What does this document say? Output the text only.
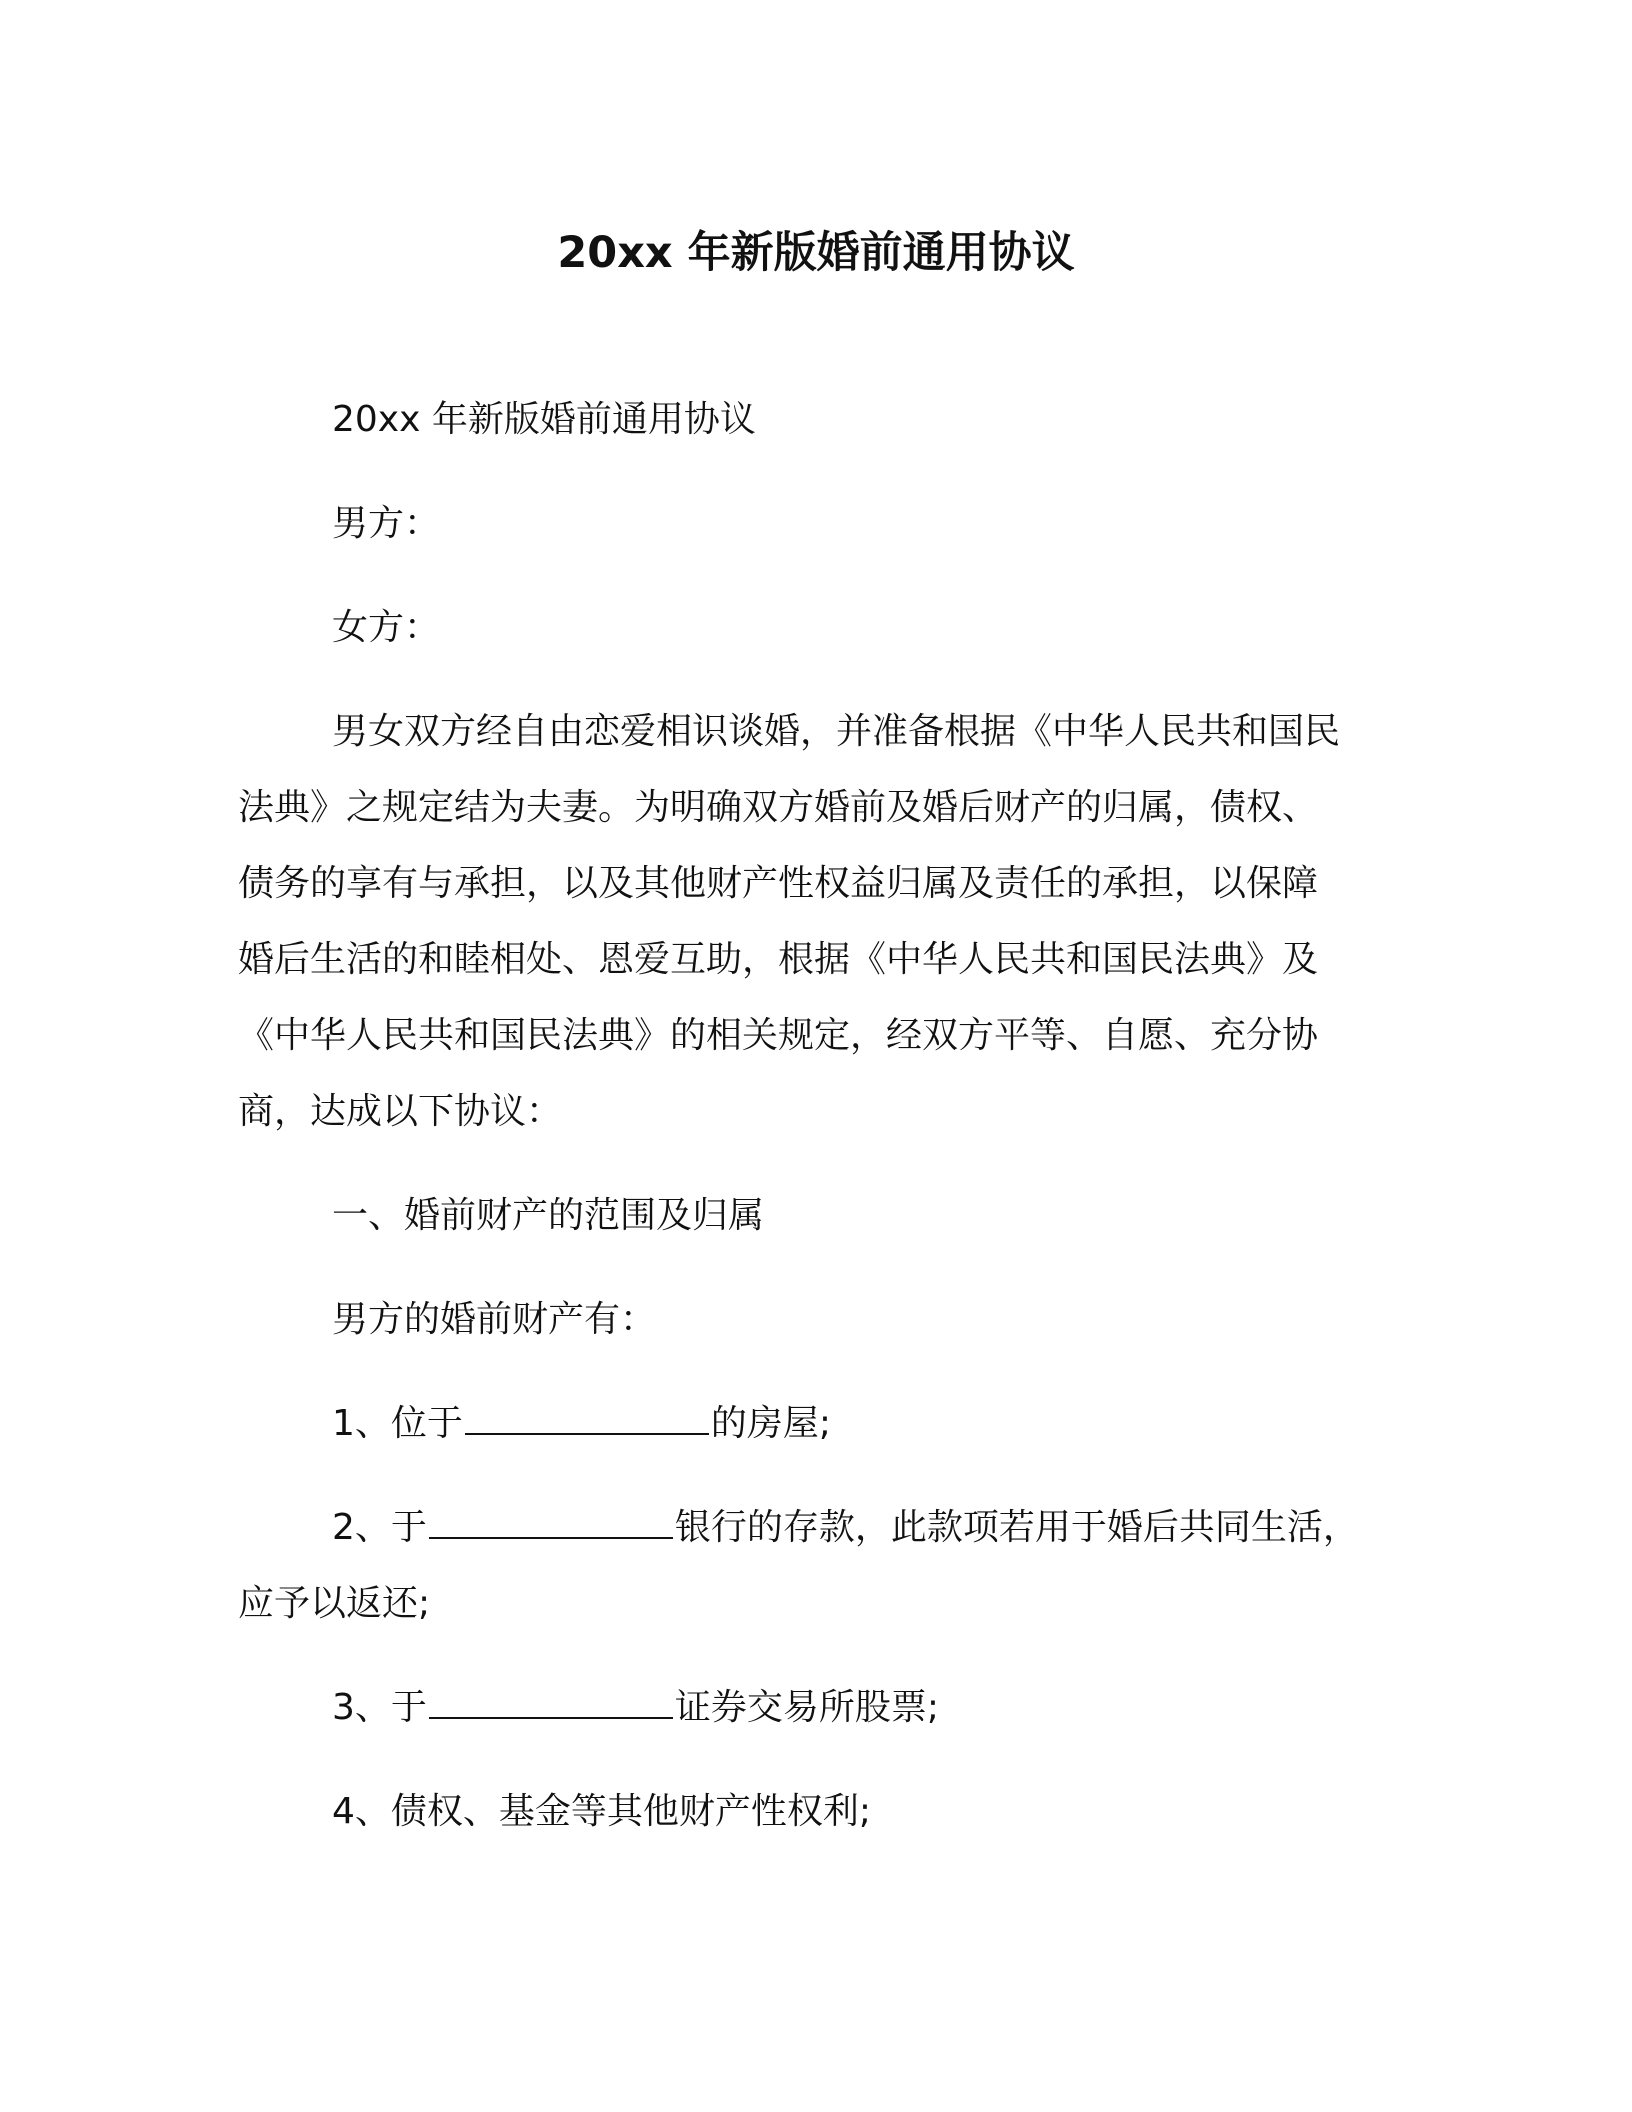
20xx 年新版婚前通用协议
20xx 年新版婚前通用协议
男方：
女方：
男女双方经自由恋爱相识谈婚，并准备根据《中华人民共和国民
法典》之规定结为夫妻。为明确双方婚前及婚后财产的归属，债权、
债务的享有与承担，以及其他财产性权益归属及责任的承担，以保障
婚后生活的和睦相处、恩爱互助，根据《中华人民共和国民法典》及
《中华人民共和国民法典》的相关规定，经双方平等、自愿、充分协
商，达成以下协议：
一、婚前财产的范围及归属
男方的婚前财产有：
1、位于	的房屋;
2、于	银行的存款，此款项若用于婚后共同生活，
应予以返还;
3、于	证券交易所股票;
4、债权、基金等其他财产性权利;
